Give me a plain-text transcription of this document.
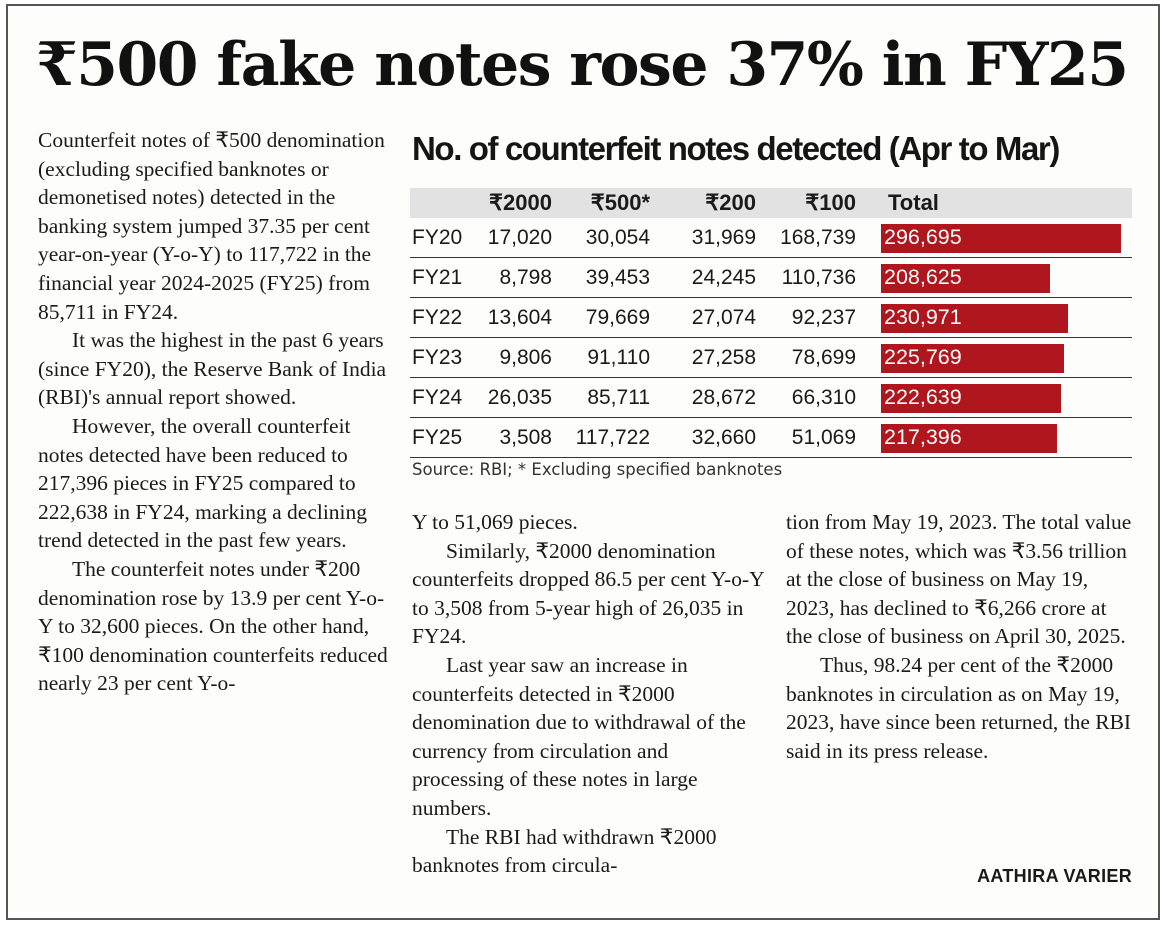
₹500 fake notes rose 37% in FY25

Counterfeit notes of ₹500 denomination (excluding specified banknotes or demonetised notes) detected in the banking system jumped 37.35 per cent year-on-year (Y-o-Y) to 117,722 in the financial year 2024-2025 (FY25) from 85,711 in FY24.

It was the highest in the past 6 years (since FY20), the Reserve Bank of India (RBI)'s annual report showed.

However, the overall counterfeit notes detected have been reduced to 217,396 pieces in FY25 compared to 222,638 in FY24, marking a declining trend detected in the past few years.

The counterfeit notes under ₹200 denomination rose by 13.9 per cent Y-o-Y to 32,600 pieces. On the other hand, ₹100 denomination counterfeits reduced nearly 23 per cent Y-o-

No. of counterfeit notes detected (Apr to Mar)
₹2000 ₹500*	₹200 ₹100 Total
FY20 17,020 30,054 31,969 168,739 296,695
FY21 8,798 39,453 24,245 110,736 208,625
FY22 13,604 79,669 27,074 92,237 230,971
FY23 9,806 91,110 27,258 78,699 225,769
FY24 26,035 85,711 28,672 66,310 222,639
FY25 3,508 117,722 32,660 51,069 217,396
Source: RBI; * Excluding specified banknotes

Y to 51,069 pieces.

Similarly, ₹2000 denomination counterfeits dropped 86.5 per cent Y-o-Y to 3,508 from 5-year high of 26,035 in FY24.

Last year saw an increase in counterfeits detected in ₹2000 denomination due to withdrawal of the currency from circulation and processing of these notes in large numbers.

The RBI had withdrawn ₹2000 banknotes from circula-

tion from May 19, 2023. The total value of these notes, which was ₹3.56 trillion at the close of business on May 19, 2023, has declined to ₹6,266 crore at the close of business on April 30, 2025.

Thus, 98.24 per cent of the ₹2000 banknotes in circulation as on May 19, 2023, have since been returned, the RBI said in its press release.

AATHIRA VARIER
